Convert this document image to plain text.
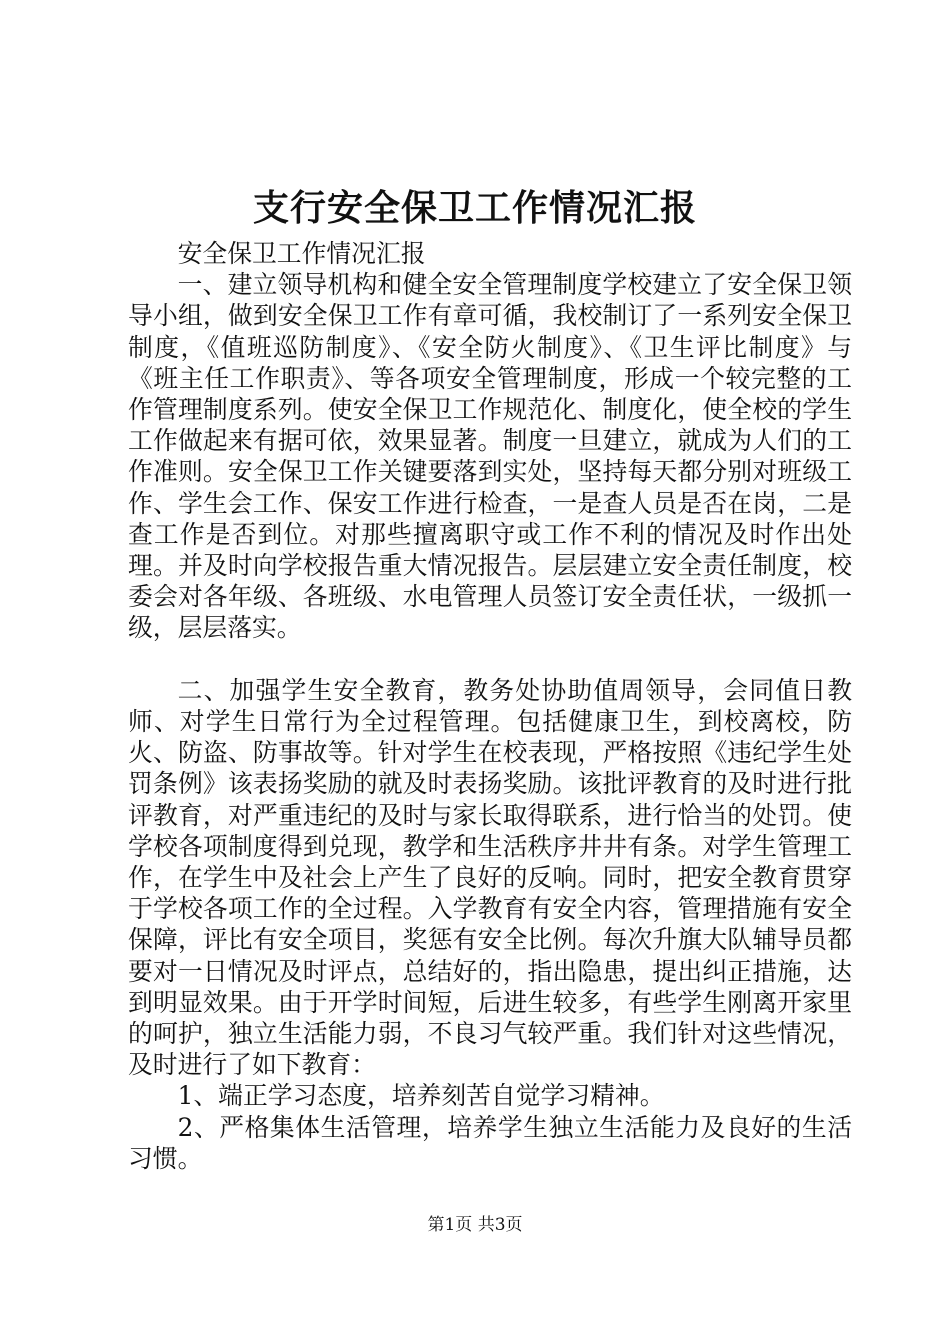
支行安全保卫工作情况汇报

安全保卫工作情况汇报

一、建立领导机构和健全安全管理制度学校建立了安全保卫领导小组，做到安全保卫工作有章可循，我校制订了一系列安全保卫制度，《值班巡防制度》、《安全防火制度》、《卫生评比制度》与《班主任工作职责》、等各项安全管理制度，形成一个较完整的工作管理制度系列。使安全保卫工作规范化、制度化，使全校的学生工作做起来有据可依，效果显著。制度一旦建立，就成为人们的工作准则。安全保卫工作关键要落到实处，坚持每天都分别对班级工作、学生会工作、保安工作进行检查，一是查人员是否在岗，二是查工作是否到位。对那些擅离职守或工作不利的情况及时作出处理。并及时向学校报告重大情况报告。层层建立安全责任制度，校委会对各年级、各班级、水电管理人员签订安全责任状，一级抓一级，层层落实。

二、加强学生安全教育，教务处协助值周领导，会同值日教师、对学生日常行为全过程管理。包括健康卫生，到校离校，防火、防盗、防事故等。针对学生在校表现，严格按照《违纪学生处罚条例》该表扬奖励的就及时表扬奖励。该批评教育的及时进行批评教育，对严重违纪的及时与家长取得联系，进行恰当的处罚。使学校各项制度得到兑现，教学和生活秩序井井有条。对学生管理工作，在学生中及社会上产生了良好的反响。同时，把安全教育贯穿于学校各项工作的全过程。入学教育有安全内容，管理措施有安全保障，评比有安全项目，奖惩有安全比例。每次升旗大队辅导员都要对一日情况及时评点，总结好的，指出隐患，提出纠正措施，达到明显效果。由于开学时间短，后进生较多，有些学生刚离开家里的呵护，独立生活能力弱，不良习气较严重。我们针对这些情况，及时进行了如下教育：

1、端正学习态度，培养刻苦自觉学习精神。

2、严格集体生活管理，培养学生独立生活能力及良好的生活习惯。

第1页 共3页
